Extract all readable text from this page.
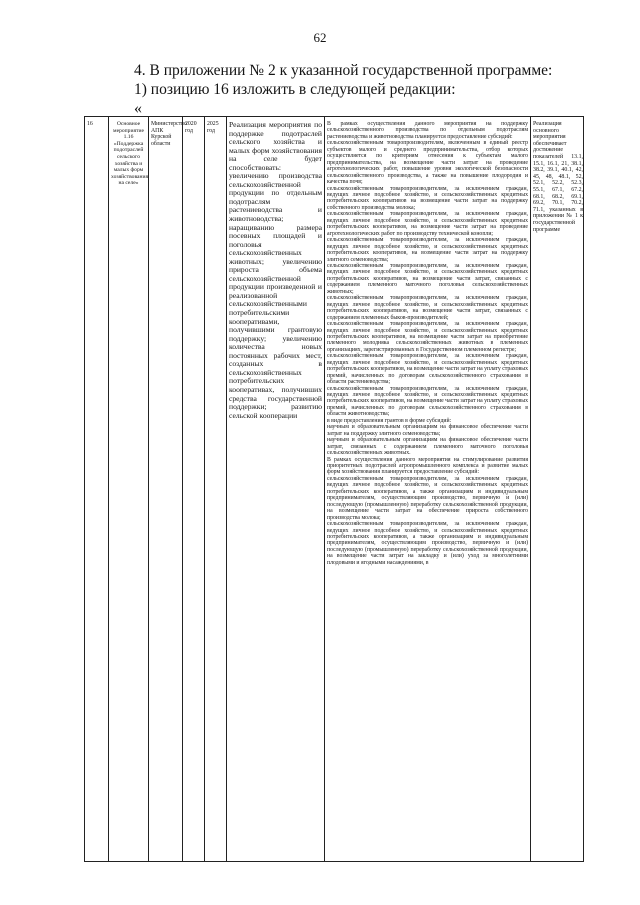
62
4. В приложении № 2 к указанной государственной программе:
1) позицию 16 изложить в следующей редакции:
«

16	Основное мероприятие 1.16 «Поддержка подотраслей сельского хозяйства и малых форм хозяйствования на селе»

Министерство АПК Курской области

2020 год

2025 год

Реализация мероприятия по поддержке подотраслей сельского хозяйства и малых форм хозяйствования на селе будет способствовать: увеличению производства сельскохозяйственной продукции по отдельным подотраслям растениеводства и животноводства; наращиванию размера посевных площадей и поголовья сельскохозяйственных животных; увеличению прироста объема сельскохозяйственной продукции произведенной и реализованной сельскохозяйственными потребительскими кооперативами, получившими грантовую поддержку; увеличению количества новых постоянных рабочих мест, созданных в сельскохозяйственных потребительских кооперативах, получивших средства государственной поддержки; развитию сельской кооперации

В рамках осуществления данного мероприятия на поддержку сельскохозяйственного производства по отдельным подотраслям растениеводства и животноводства планируется предоставление субсидий:

сельскохозяйственным товаропроизводителям, включенным в единый реестр субъектов малого и среднего предпринимательства, отбор которых осуществляется по критериям отнесения к субъектам малого предпринимательства, на возмещение части затрат на проведение агротехнологических работ, повышение уровня экологической безопасности сельскохозяйственного производства, а также на повышение плодородия и качества почв;

сельскохозяйственным товаропроизводителям, за исключением граждан, ведущих личное подсобное хозяйство, и сельскохозяйственных кредитных потребительских кооперативов на возмещение части затрат на поддержку собственного производства молока;

сельскохозяйственным товаропроизводителям, за исключением граждан, ведущих личное подсобное хозяйство, и сельскохозяйственных кредитных потребительских кооперативов, на возмещение части затрат на проведение агротехнологических работ по производству технической конопли;

сельскохозяйственным товаропроизводителям, за исключением граждан, ведущих личное подсобное хозяйство, и сельскохозяйственных кредитных потребительских кооперативов, на возмещение части затрат на поддержку элитного семеноводства;

сельскохозяйственным товаропроизводителям, за исключением граждан, ведущих личное подсобное хозяйство, и сельскохозяйственных кредитных потребительских кооперативов, на возмещение части затрат, связанных с содержанием племенного маточного поголовья сельскохозяйственных животных;

сельскохозяйственным товаропроизводителям, за исключением граждан, ведущих личное подсобное хозяйство, и сельскохозяйственных кредитных потребительских кооперативов, на возмещение части затрат, связанных с содержанием племенных быков-производителей;

сельскохозяйственным товаропроизводителям, за исключением граждан, ведущих личное подсобное хозяйство, и сельскохозяйственных кредитных потребительских кооперативов, на возмещение части затрат на приобретение племенного молодняка сельскохозяйственных животных в племенных организациях, зарегистрированных в Государственном племенном регистре;

сельскохозяйственным товаропроизводителям, за исключением граждан, ведущих личное подсобное хозяйство, и сельскохозяйственных кредитных потребительских кооперативов, на возмещение части затрат на уплату страховых премий, начисленных по договорам сельскохозяйственного страхования в области растениеводства;

сельскохозяйственным товаропроизводителям, за исключением граждан, ведущих личное подсобное хозяйство, и сельскохозяйственных кредитных потребительских кооперативов, на возмещение части затрат на уплату страховых премий, начисленных по договорам сельскохозяйственного страхования в области животноводства;

в виде предоставления грантов в форме субсидий:

научным и образовательным организациям на финансовое обеспечение части затрат на поддержку элитного семеноводства;

научным и образовательным организациям на финансовое обеспечение части затрат, связанных с содержанием племенного маточного поголовья сельскохозяйственных животных.

В рамках осуществления данного мероприятия на стимулирование развития приоритетных подотраслей агропромышленного комплекса и развитие малых форм хозяйствования планируется предоставление субсидий:

сельскохозяйственным товаропроизводителям, за исключением граждан, ведущих личное подсобное хозяйство, и сельскохозяйственных кредитных потребительских кооперативов, а также организациям и индивидуальным предпринимателям, осуществляющим производство, первичную и (или) последующую (промышленную) переработку сельскохозяйственной продукции, на возмещение части затрат на обеспечение прироста собственного производства молока;

сельскохозяйственным товаропроизводителям, за исключением граждан, ведущих личное подсобное хозяйство, и сельскохозяйственных кредитных потребительских кооперативов, а также организациям и индивидуальным предпринимателям, осуществляющим производство, первичную и (или) последующую (промышленную) переработку сельскохозяйственной продукции, на возмещение части затрат на закладку и (или) уход за многолетними плодовыми и ягодными насаждениями, в

Реализация основного мероприятия обеспечивает достижение показателей 13.1, 15.1, 16.1, 21, 38.1, 38.2, 39.1, 40.1, 42, 45, 48, 48.1, 52, 52.1, 52.2, 52.3, 55.1, 67.1, 67.2, 68.1, 68.2, 69.1, 69.2, 70.1, 70.2, 71.1, указанных в приложении № 1 к государственной программе
